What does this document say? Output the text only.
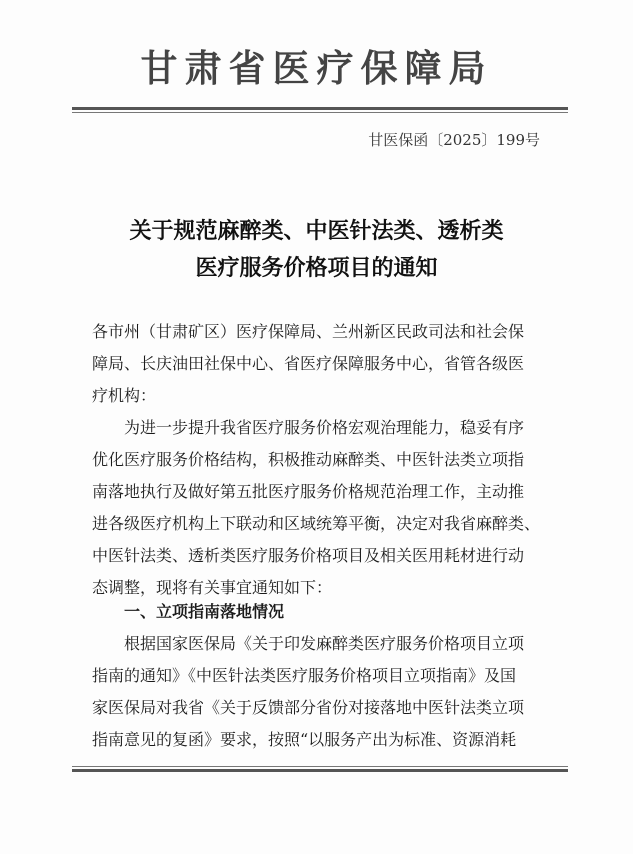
甘肃省医疗保障局
甘医保函〔2025〕199号
关于规范麻醉类、中医针法类、透析类
医疗服务价格项目的通知
各市州（甘肃矿区）医疗保障局、兰州新区民政司法和社会保
障局、长庆油田社保中心、省医疗保障服务中心，省管各级医
疗机构：
为进一步提升我省医疗服务价格宏观治理能力，稳妥有序
优化医疗服务价格结构，积极推动麻醉类、中医针法类立项指
南落地执行及做好第五批医疗服务价格规范治理工作，主动推
进各级医疗机构上下联动和区域统筹平衡，决定对我省麻醉类、
中医针法类、透析类医疗服务价格项目及相关医用耗材进行动
态调整，现将有关事宜通知如下：
一、立项指南落地情况
根据国家医保局《关于印发麻醉类医疗服务价格项目立项
指南的通知》《中医针法类医疗服务价格项目立项指南》及国
家医保局对我省《关于反馈部分省份对接落地中医针法类立项
指南意见的复函》要求，按照“以服务产出为标准、资源消耗
